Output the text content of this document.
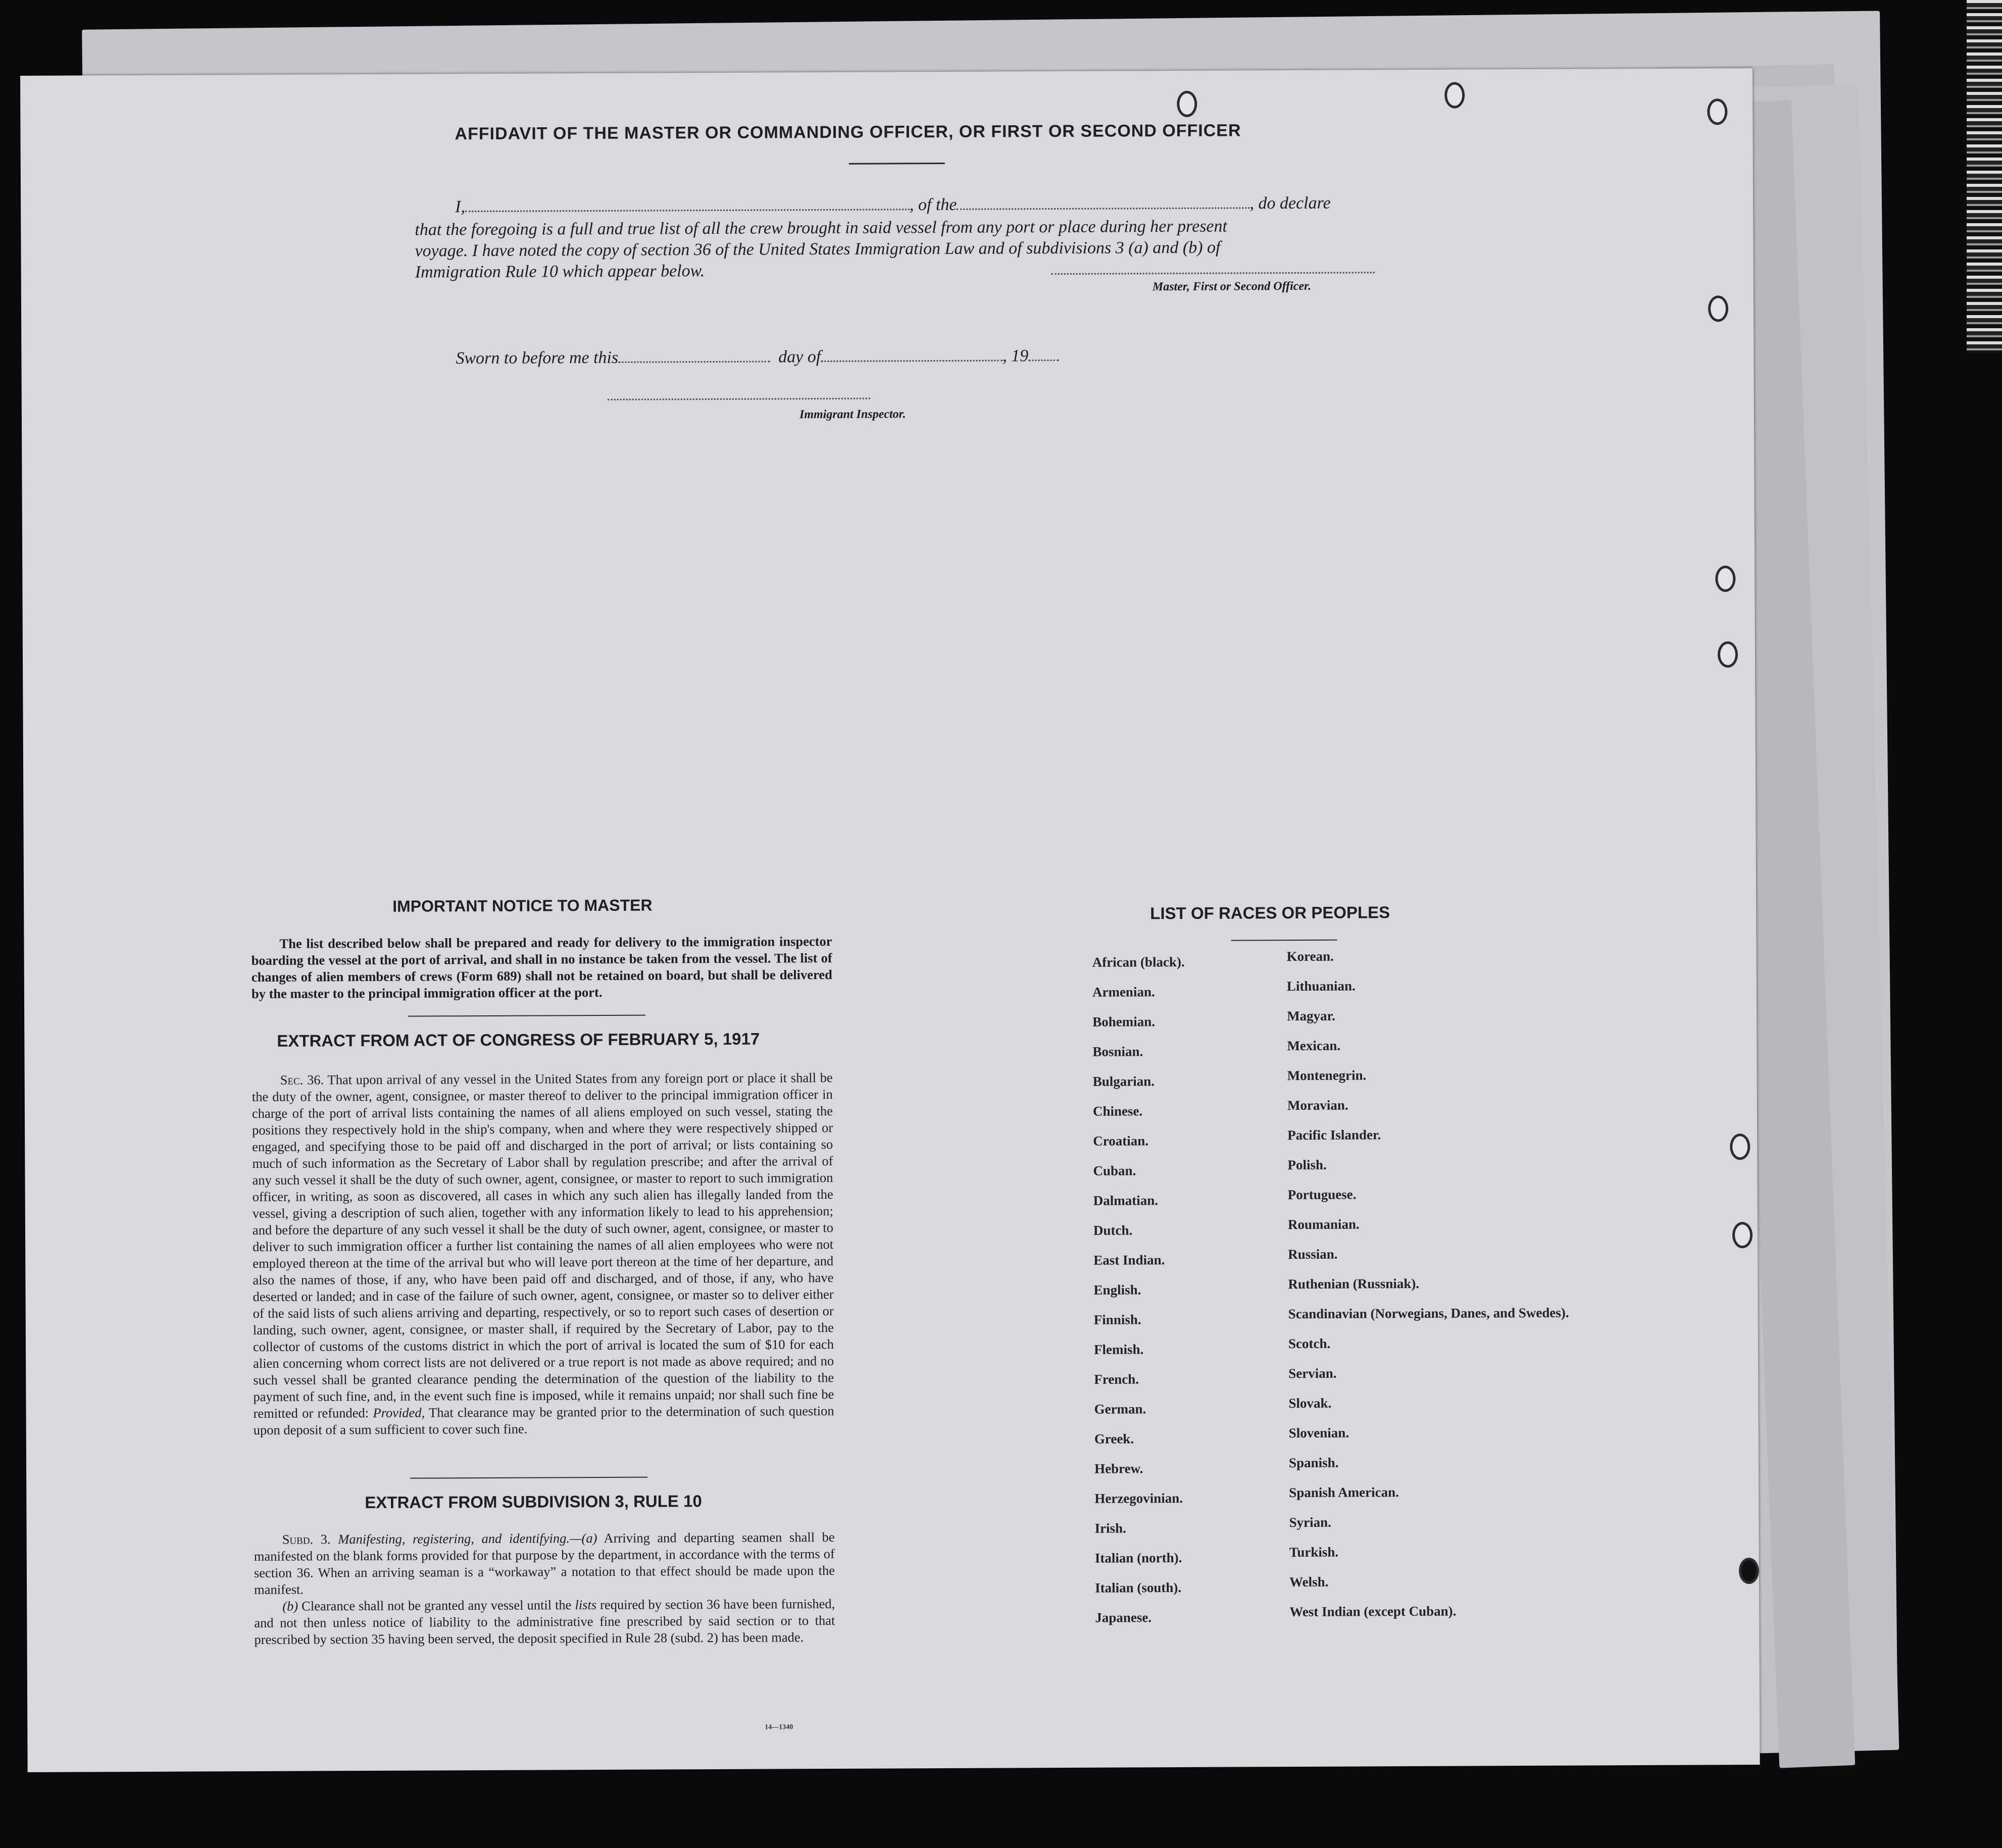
AFFIDAVIT OF THE MASTER OR COMMANDING OFFICER, OR FIRST OR SECOND OFFICER
I,	, of the	, do declare
that the foregoing is a full and true list of all the crew brought in said vessel from any port or place during her present
voyage. I have noted the copy of section 36 of the United States Immigration Law and of subdivisions 3 (a) and (b) of
Immigration Rule 10 which appear below.
Master, First or Second Officer.
Sworn to before me this	day of	, 19
Immigrant Inspector.
IMPORTANT NOTICE TO MASTER

The list described below shall be prepared and ready for delivery to the immigration inspector boarding the vessel at the port of arrival, and shall in no instance be taken from the vessel. The list of changes of alien members of crews (Form 689) shall not be retained on board, but shall be delivered by the master to the principal immigration officer at the port.

EXTRACT FROM ACT OF CONGRESS OF FEBRUARY 5, 1917

Sec. 36. That upon arrival of any vessel in the United States from any foreign port or place it shall be the duty of the owner, agent, consignee, or master thereof to deliver to the principal immigration officer in charge of the port of arrival lists containing the names of all aliens employed on such vessel, stating the positions they respectively hold in the ship's company, when and where they were respectively shipped or engaged, and specifying those to be paid off and discharged in the port of arrival; or lists containing so much of such information as the Secretary of Labor shall by regulation prescribe; and after the arrival of any such vessel it shall be the duty of such owner, agent, consignee, or master to report to such immigration officer, in writing, as soon as discovered, all cases in which any such alien has illegally landed from the vessel, giving a description of such alien, together with any information likely to lead to his apprehension; and before the departure of any such vessel it shall be the duty of such owner, agent, consignee, or master to deliver to such immigration officer a further list containing the names of all alien employees who were not employed thereon at the time of the arrival but who will leave port thereon at the time of her departure, and also the names of those, if any, who have been paid off and discharged, and of those, if any, who have deserted or landed; and in case of the failure of such owner, agent, consignee, or master so to deliver either of the said lists of such aliens arriving and departing, respectively, or so to report such cases of desertion or landing, such owner, agent, consignee, or master shall, if required by the Secretary of Labor, pay to the collector of customs of the customs district in which the port of arrival is located the sum of $10 for each alien concerning whom correct lists are not delivered or a true report is not made as above required; and no such vessel shall be granted clearance pending the determination of the question of the liability to the payment of such fine, and, in the event such fine is imposed, while it remains unpaid; nor shall such fine be remitted or refunded: Provided, That clearance may be granted prior to the determination of such question upon deposit of a sum sufficient to cover such fine.

EXTRACT FROM SUBDIVISION 3, RULE 10

Subd. 3. Manifesting, registering, and identifying.—(a) Arriving and departing seamen shall be manifested on the blank forms provided for that purpose by the department, in accordance with the terms of section 36. When an arriving seaman is a “workaway” a notation to that effect should be made upon the manifest.

(b) Clearance shall not be granted any vessel until the lists required by section 36 have been furnished, and not then unless notice of liability to the administrative fine prescribed by said section or to that prescribed by section 35 having been served, the deposit specified in Rule 28 (subd. 2) has been made.

14—1340
LIST OF RACES OR PEOPLES
African (black).
Armenian.
Bohemian.
Bosnian.
Bulgarian.
Chinese.
Croatian.
Cuban.
Dalmatian.
Dutch.
East Indian.
English.
Finnish.
Flemish.
French.
German.
Greek.
Hebrew.
Herzegovinian.
Irish.
Italian (north).
Italian (south).
Japanese.
Korean.
Lithuanian.
Magyar.
Mexican.
Montenegrin.
Moravian.
Pacific Islander.
Polish.
Portuguese.
Roumanian.
Russian.
Ruthenian (Russniak).
Scandinavian (Norwegians, Danes, and Swedes).
Scotch.
Servian.
Slovak.
Slovenian.
Spanish.
Spanish American.
Syrian.
Turkish.
Welsh.
West Indian (except Cuban).
